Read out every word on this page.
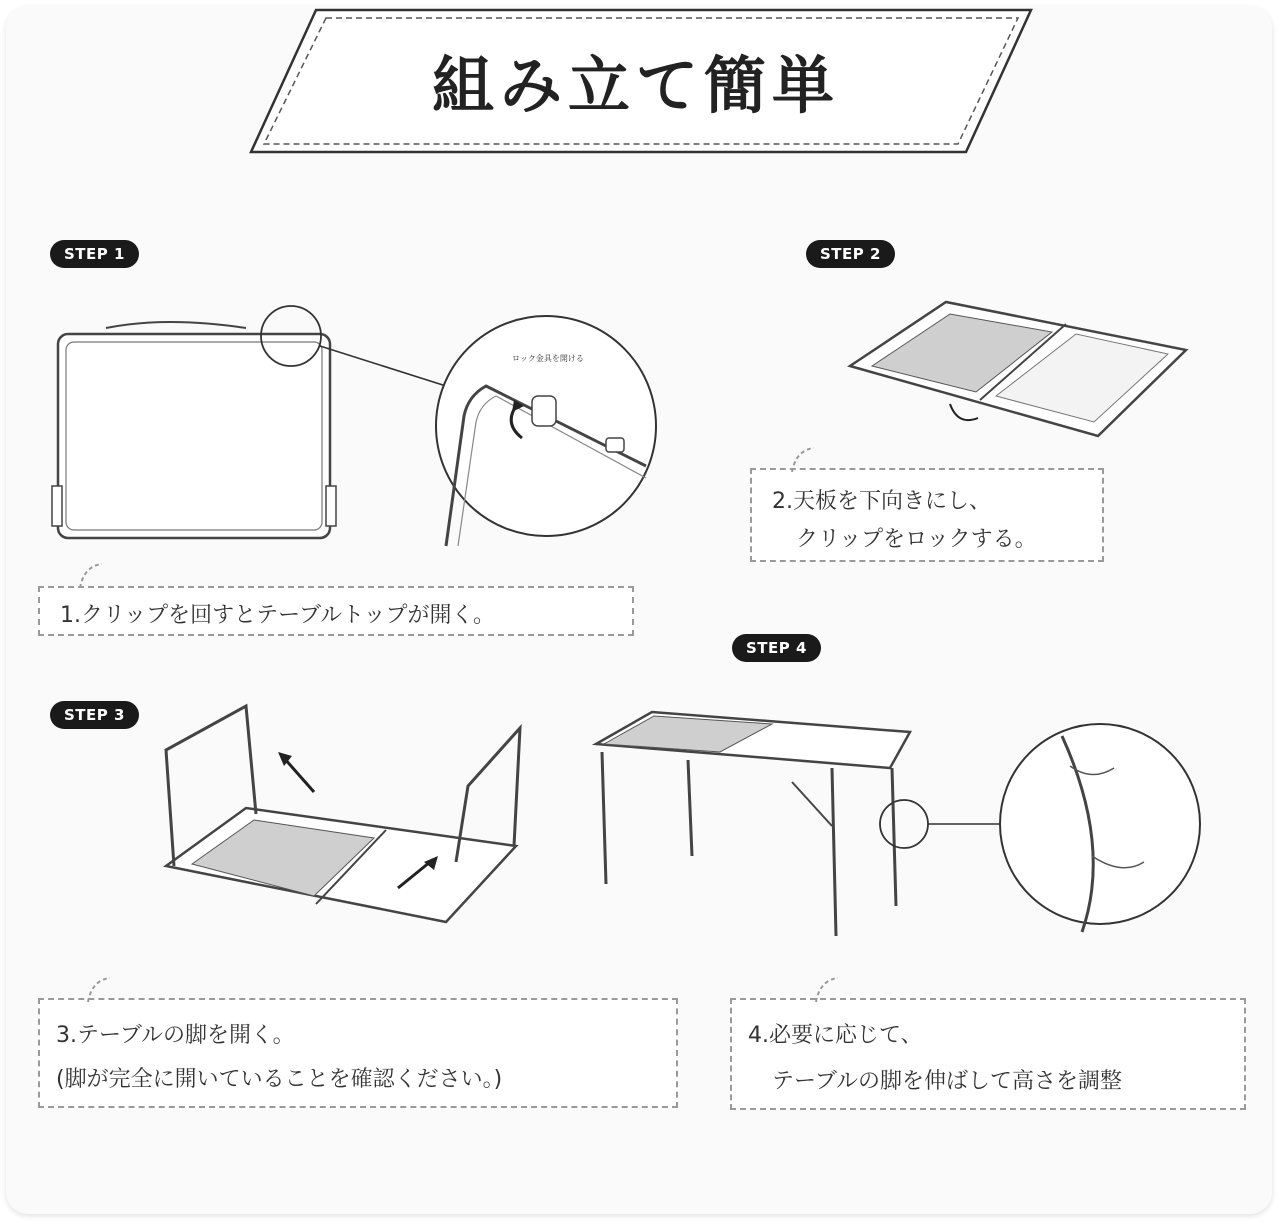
組み立て簡単
STEP 1	STEP 2
STEP 3
STEP 4
ロック金具を開ける
1.クリップを回すとテーブルトップが開く。
2.天板を下向きにし、
クリップをロックする。
3.テーブルの脚を開く。
(脚が完全に開いていることを確認ください。)
4.必要に応じて、
テーブルの脚を伸ばして高さを調整
